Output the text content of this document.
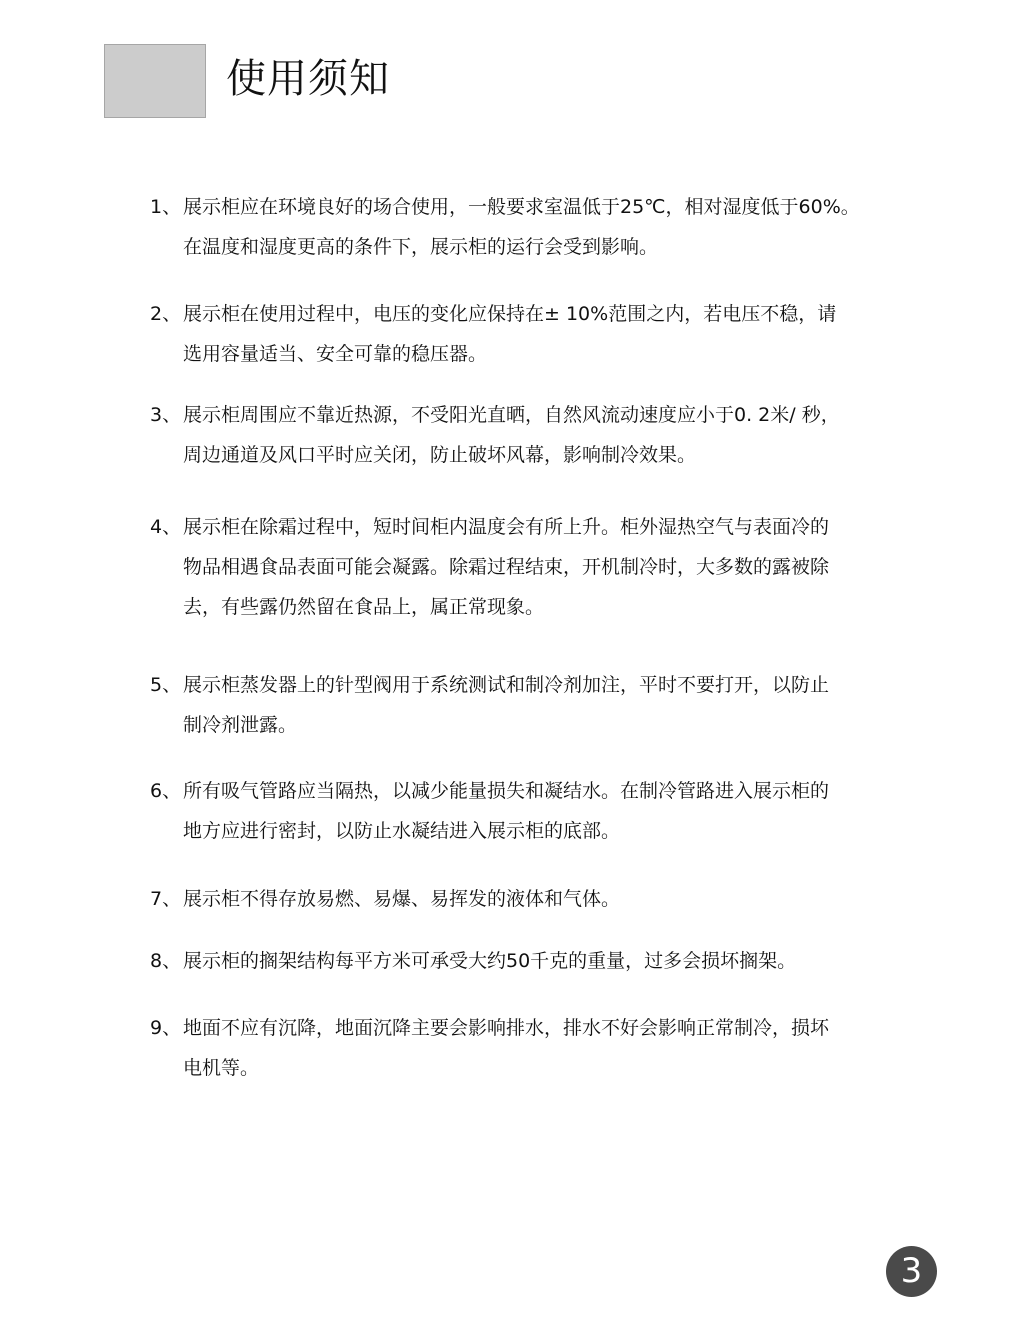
使用须知
1、 展示柜应在环境良好的场合使用，一般要求室温低于25℃，相对湿度低于60%。
在温度和湿度更高的条件下，展示柜的运行会受到影响。
2、 展示柜在使用过程中，电压的变化应保持在± 10%范围之内，若电压不稳，请
选用容量适当、安全可靠的稳压器。
3、 展示柜周围应不靠近热源，不受阳光直晒，自然风流动速度应小于0. 2米/ 秒，
周边通道及风口平时应关闭，防止破坏风幕，影响制冷效果。
4、 展示柜在除霜过程中，短时间柜内温度会有所上升。柜外湿热空气与表面冷的
物品相遇食品表面可能会凝露。除霜过程结束，开机制冷时，大多数的露被除
去，有些露仍然留在食品上，属正常现象。
5、 展示柜蒸发器上的针型阀用于系统测试和制冷剂加注，平时不要打开，以防止
制冷剂泄露。
6、 所有吸气管路应当隔热，以减少能量损失和凝结水。在制冷管路进入展示柜的
地方应进行密封，以防止水凝结进入展示柜的底部。
7、 展示柜不得存放易燃、易爆、易挥发的液体和气体。
8、 展示柜的搁架结构每平方米可承受大约50千克的重量，过多会损坏搁架。
9、 地面不应有沉降，地面沉降主要会影响排水，排水不好会影响正常制冷，损坏
电机等。
3
